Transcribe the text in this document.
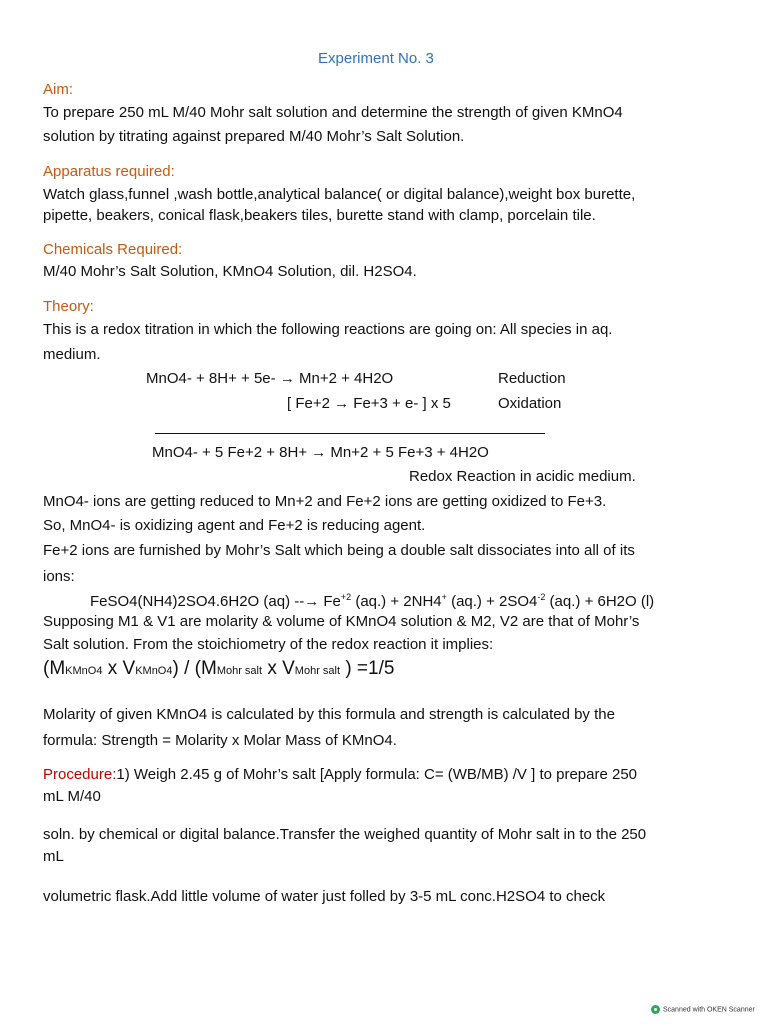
Experiment No. 3
Aim:
To prepare 250 mL M/40 Mohr salt solution and determine the strength of given KMnO4
solution by titrating against prepared M/40 Mohr’s Salt Solution.
Apparatus required:
Watch glass,funnel ,wash bottle,analytical balance( or digital balance),weight box burette,
pipette, beakers, conical flask,beakers tiles, burette stand with clamp, porcelain tile.
Chemicals Required:
M/40 Mohr’s Salt Solution, KMnO4 Solution, dil. H2SO4.
Theory:
This is a redox titration in which the following reactions are going on: All species in aq.
medium.
MnO4- + 8H+ + 5e- → Mn+2 + 4H2O	Reduction
[ Fe+2 → Fe+3 + e- ] x 5	Oxidation
MnO4- + 5 Fe+2 + 8H+ → Mn+2 + 5 Fe+3 + 4H2O
Redox Reaction in acidic medium.
MnO4- ions are getting reduced to Mn+2 and Fe+2 ions are getting oxidized to Fe+3.
So, MnO4- is oxidizing agent and Fe+2 is reducing agent.
Fe+2 ions are furnished by Mohr’s Salt which being a double salt dissociates into all of its
ions:
FeSO4(NH4)2SO4.6H2O (aq) --→ $Fe^{+2}$ (aq.) + 2NH4+ $(aq.) + 2SO4^{-2}$ (aq.) + 6H2O (l)
Supposing M1 & V1 are molarity & volume of KMnO4 solution & M2, V2 are that of Mohr’s
Salt solution. From the stoichiometry of the redox reaction it implies:
(MKMnO4 x VKMnO4) / (MMohr salt x VMohr salt ) =1/5
Molarity of given KMnO4 is calculated by this formula and strength is calculated by the
formula: Strength = Molarity x Molar Mass of KMnO4.
Procedure:1) Weigh 2.45 g of Mohr’s salt [Apply formula: C= (WB/MB) /V ] to prepare 250
mL M/40
soln. by chemical or digital balance.Transfer the weighed quantity of Mohr salt in to the 250
mL
volumetric flask.Add little volume of water just folled by 3-5 mL conc.H2SO4 to check
Scanned with OKEN Scanner
